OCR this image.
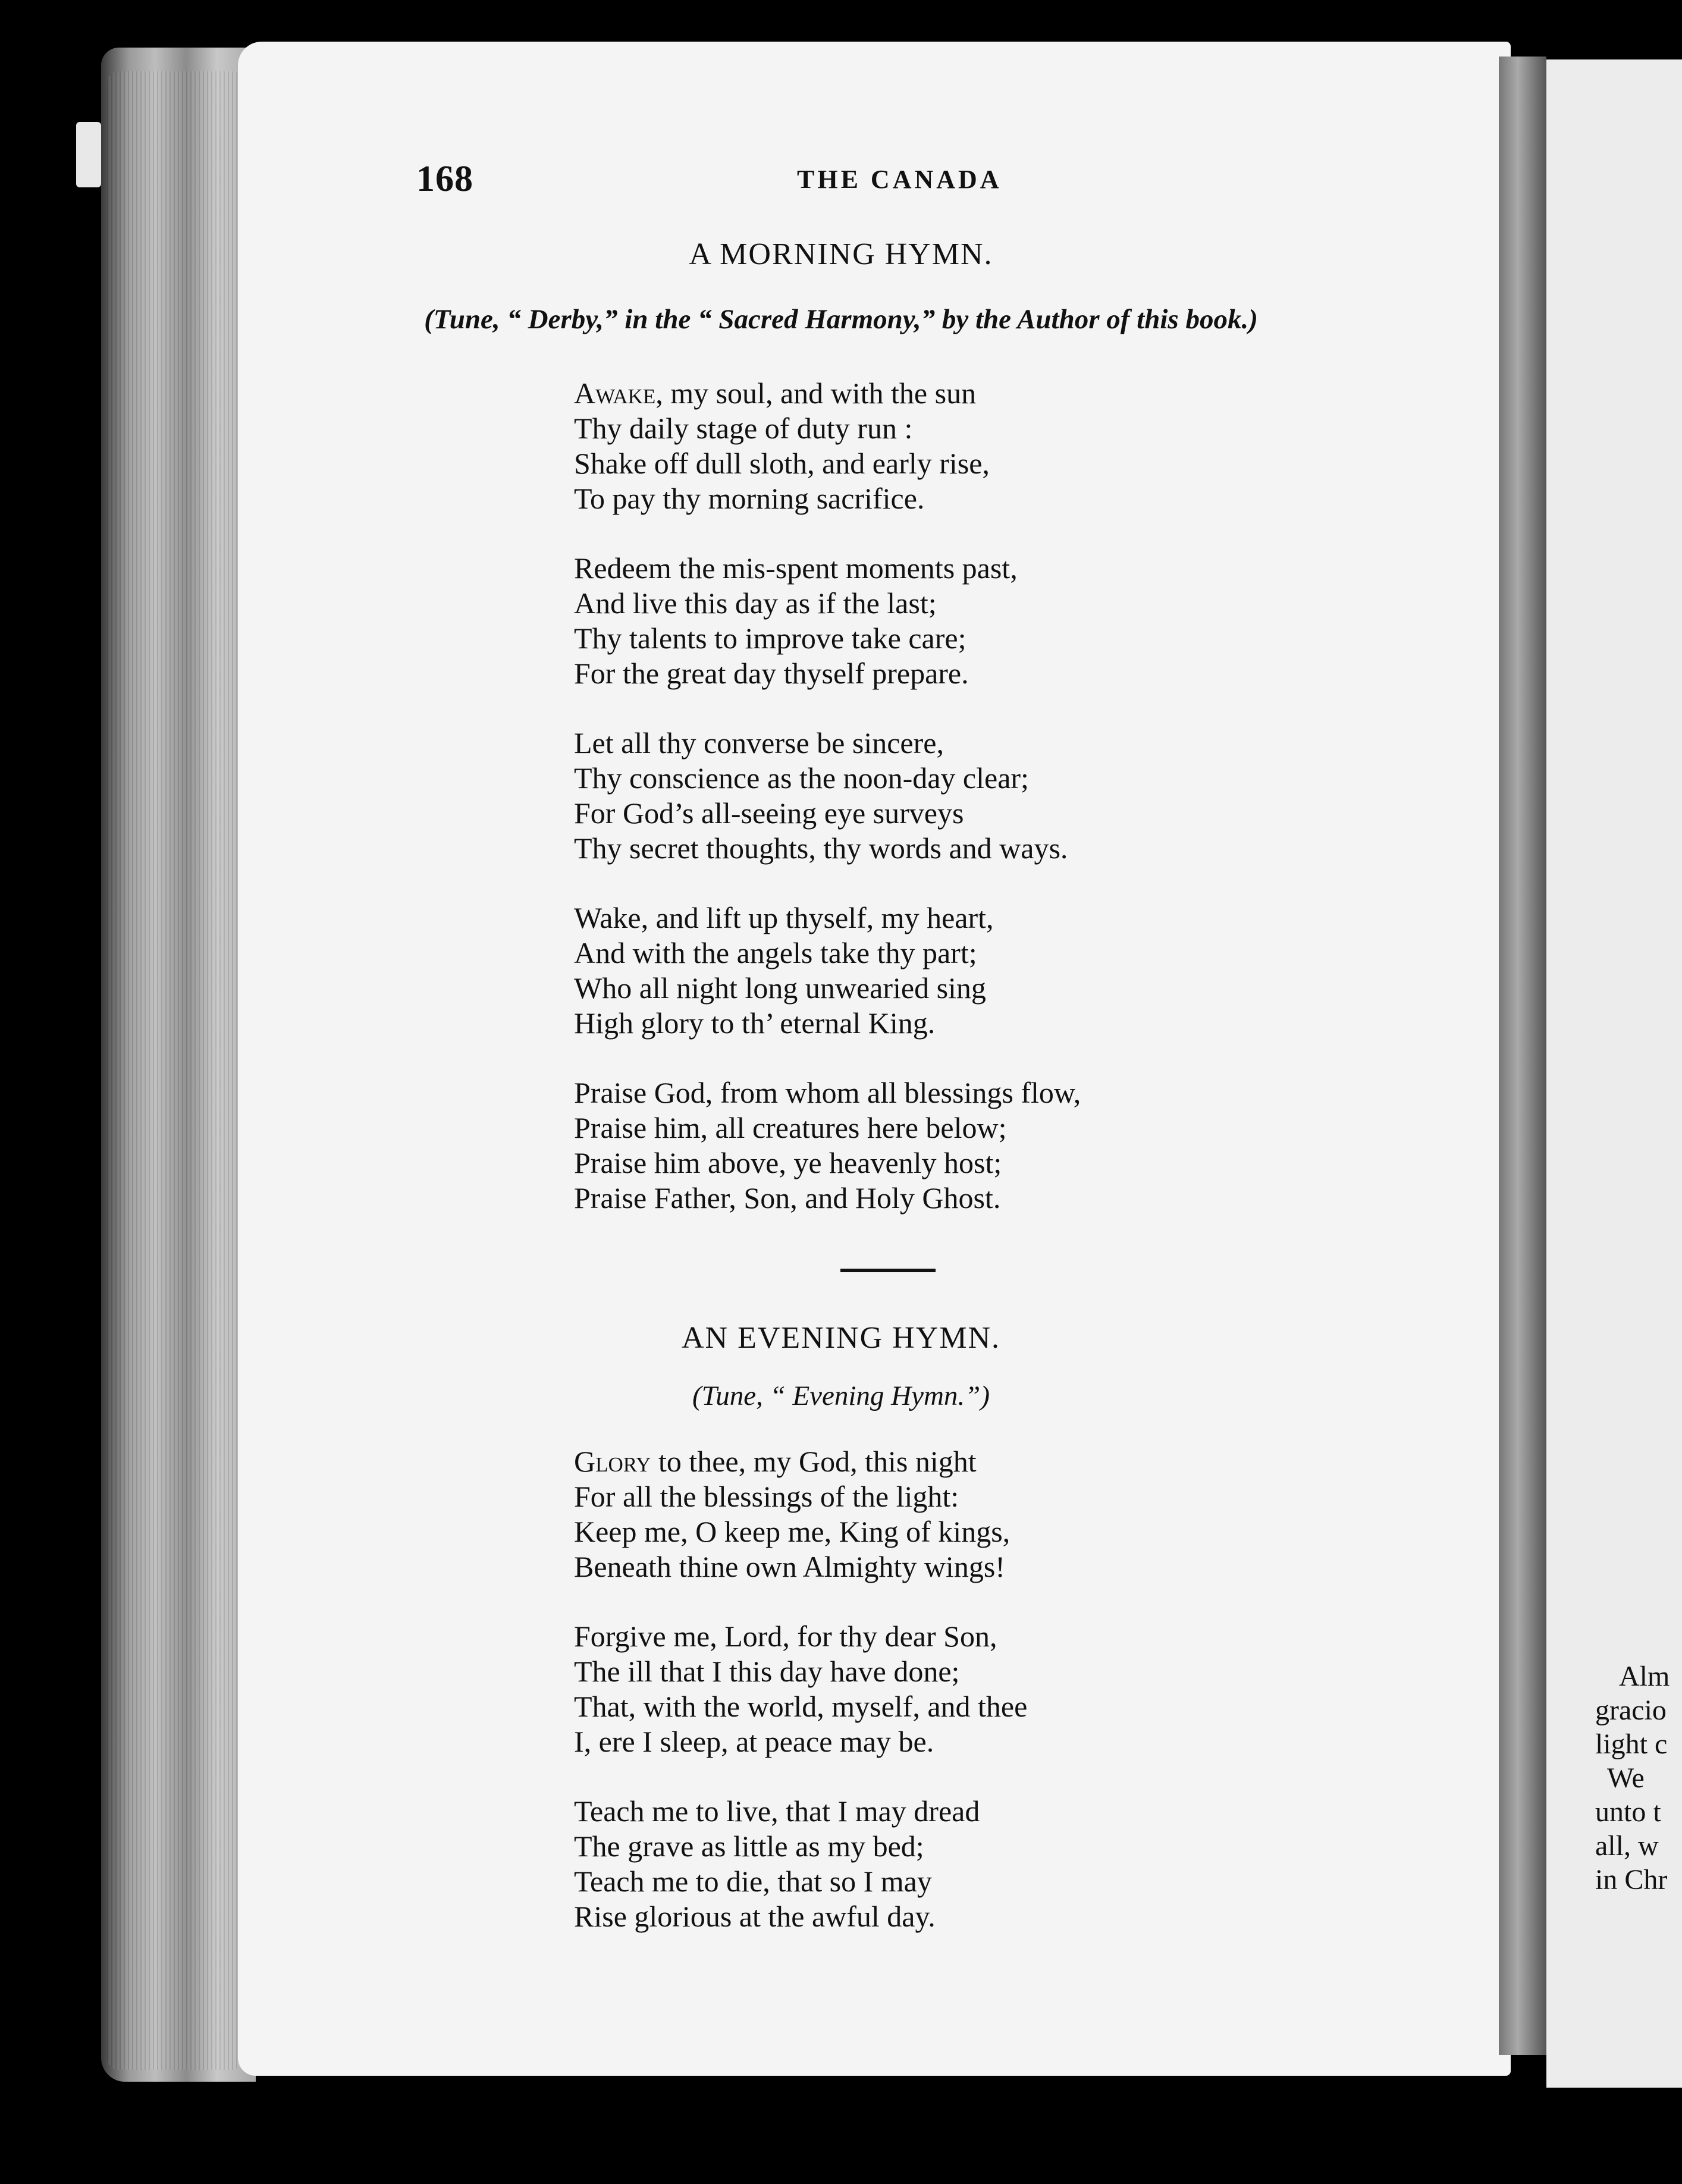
168	THE CANADA
A MORNING HYMN.
(Tune, “ Derby,” in the “ Sacred Harmony,” by the Author of this book.)
Awake, my soul, and with the sun
Thy daily stage of duty run :
Shake off dull sloth, and early rise,
To pay thy morning sacrifice.
Redeem the mis-spent moments past,
And live this day as if the last;
Thy talents to improve take care;
For the great day thyself prepare.
Let all thy converse be sincere,
Thy conscience as the noon-day clear;
For God’s all-seeing eye surveys
Thy secret thoughts, thy words and ways.
Wake, and lift up thyself, my heart,
And with the angels take thy part;
Who all night long unwearied sing
High glory to th’ eternal King.
Praise God, from whom all blessings flow,
Praise him, all creatures here below;
Praise him above, ye heavenly host;
Praise Father, Son, and Holy Ghost.
AN EVENING HYMN.
(Tune, “ Evening Hymn.”)
Glory to thee, my God, this night
For all the blessings of the light:
Keep me, O keep me, King of kings,
Beneath thine own Almighty wings!
Forgive me, Lord, for thy dear Son,
The ill that I this day have done;
That, with the world, myself, and thee
I, ere I sleep, at peace may be.
Teach me to live, that I may dread
The grave as little as my bed;
Teach me to die, that so I may
Rise glorious at the awful day.
Alm
gracio
light c
We
unto t
all, w
in Chr
